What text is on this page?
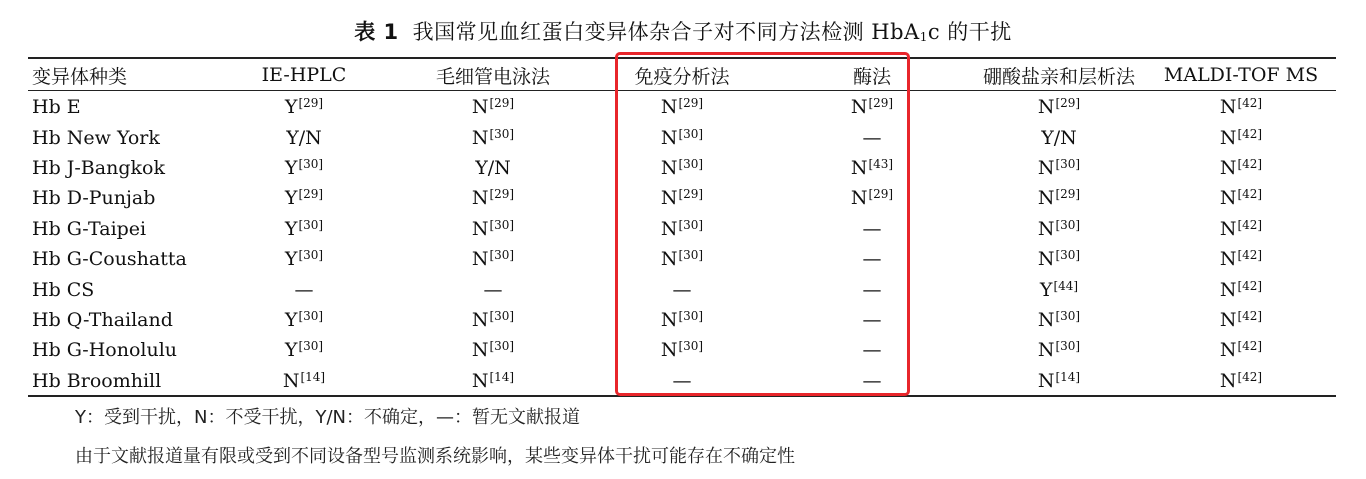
表 1 我国常见血红蛋白变异体杂合子对不同方法检测 HbA$_1$c 的干扰
变异体种类	IE-HPLC	毛细管电泳法	免疫分析法	酶法	硼酸盐亲和层析法	MALDI-TOF MS
Hb E	Y[29]	N[29]	N[29]	N[29]	N[29]	N[42]
Hb New York	Y/N	N[30]	N[30]	—	Y/N	N[42]
Hb J-Bangkok	Y[30]	Y/N	N[30]	N[43]	N[30]	N[42]
Hb D-Punjab	Y[29]	N[29]	N[29]	N[29]	N[29]	N[42]
Hb G-Taipei	Y[30]	N[30]	N[30]	—	N[30]	N[42]
Hb G-Coushatta	Y[30]	N[30]	N[30]	—	N[30]	N[42]
Hb CS	—	—	—	—	Y[44]	N[42]
Hb Q-Thailand	Y[30]	N[30]	N[30]	—	N[30]	N[42]
Hb G-Honolulu	Y[30]	N[30]	N[30]	—	N[30]	N[42]
Hb Broomhill	N[14]	N[14]	—	—	N[14]	N[42]
Y：受到干扰，N：不受干扰，Y/N：不确定，—：暂无文献报道
由于文献报道量有限或受到不同设备型号监测系统影响，某些变异体干扰可能存在不确定性
